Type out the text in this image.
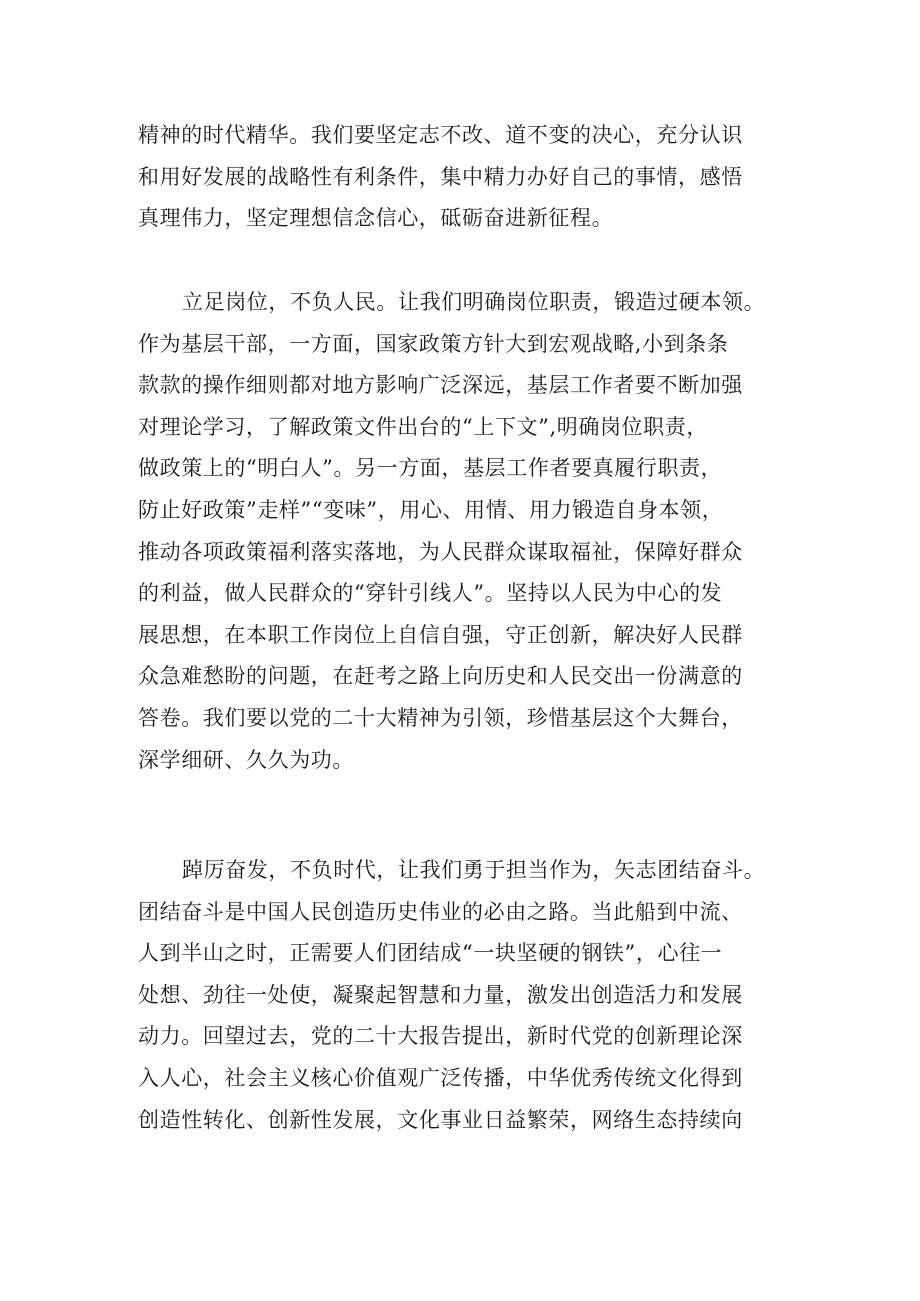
精神的时代精华。我们要坚定志不改、道不变的决心，充分认识
和用好发展的战略性有利条件，集中精力办好自己的事情，感悟
真理伟力，坚定理想信念信心，砥砺奋进新征程。
立足岗位，不负人民。让我们明确岗位职责，锻造过硬本领。
作为基层干部，一方面，国家政策方针大到宏观战略,小到条条
款款的操作细则都对地方影响广泛深远，基层工作者要不断加强
对理论学习，了解政策文件出台的“上下文”,明确岗位职责，
做政策上的“明白人”。另一方面，基层工作者要真履行职责，
防止好政策”走样”“变味”，用心、用情、用力锻造自身本领，
推动各项政策福利落实落地，为人民群众谋取福祉，保障好群众
的利益，做人民群众的“穿针引线人”。坚持以人民为中心的发
展思想，在本职工作岗位上自信自强，守正创新，解决好人民群
众急难愁盼的问题，在赶考之路上向历史和人民交出一份满意的
答卷。我们要以党的二十大精神为引领，珍惜基层这个大舞台，
深学细研、久久为功。
踔厉奋发，不负时代，让我们勇于担当作为，矢志团结奋斗。
团结奋斗是中国人民创造历史伟业的必由之路。当此船到中流、
人到半山之时，正需要人们团结成“一块坚硬的钢铁”，心往一
处想、劲往一处使，凝聚起智慧和力量，激发出创造活力和发展
动力。回望过去，党的二十大报告提出，新时代党的创新理论深
入人心，社会主义核心价值观广泛传播，中华优秀传统文化得到
创造性转化、创新性发展，文化事业日益繁荣，网络生态持续向
